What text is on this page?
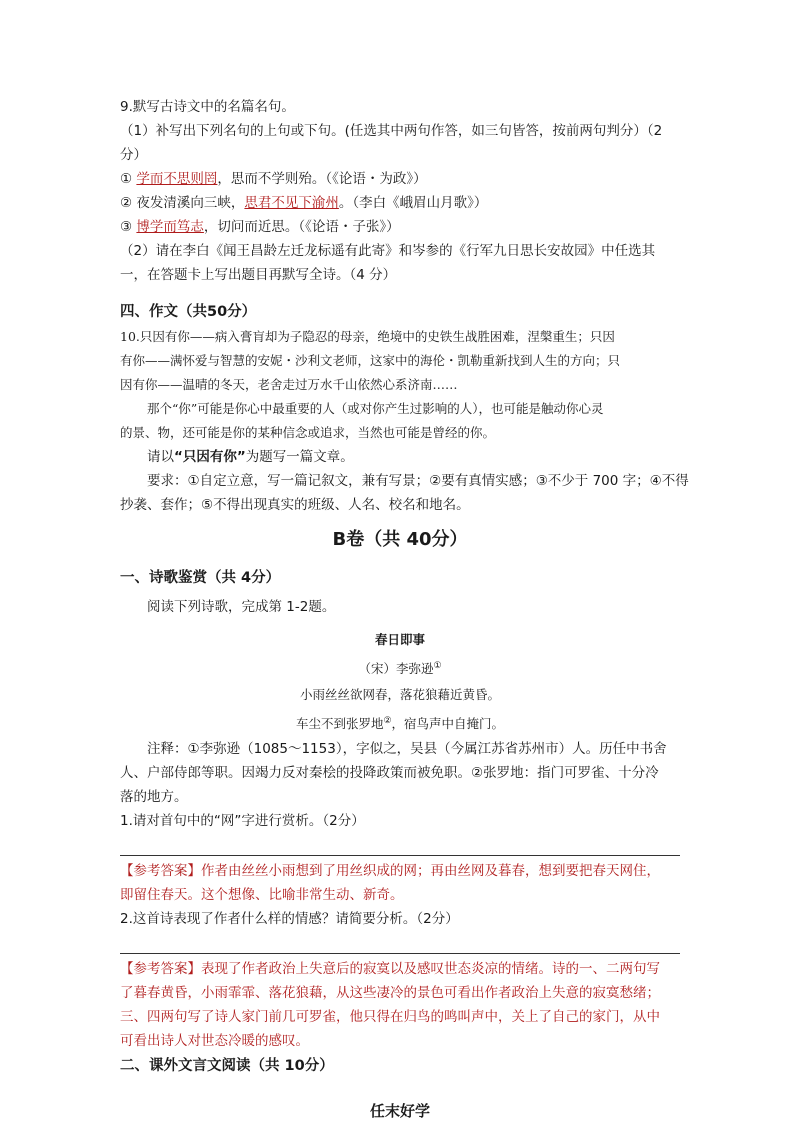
9.默写古诗文中的名篇名句。
（1）补写出下列名句的上句或下句。(任选其中两句作答，如三句皆答，按前两句判分）（2
分）
① 学而不思则罔，思而不学则殆。（《论语・为政》）
② 夜发清溪向三峡，思君不见下渝州。（李白《峨眉山月歌》）
③ 博学而笃志，切问而近思。（《论语・子张》）
（2）请在李白《闻王昌龄左迁龙标遥有此寄》和岑参的《行军九日思长安故园》中任选其
一，在答题卡上写出题目再默写全诗。（4 分）
四、作文（共50分）
10.只因有你——病入膏肓却为子隐忍的母亲，绝境中的史铁生战胜困难，涅槃重生；只因
有你——满怀爱与智慧的安妮・沙利文老师，这家中的海伦・凯勒重新找到人生的方向；只
因有你——温晴的冬天，老舍走过万水千山依然心系济南……
那个“你”可能是你心中最重要的人（或对你产生过影响的人），也可能是触动你心灵
的景、物，还可能是你的某种信念或追求，当然也可能是曾经的你。
请以“只因有你”为题写一篇文章。
要求：①自定立意，写一篇记叙文，兼有写景；②要有真情实感；③不少于 700 字；④不得
抄袭、套作；⑤不得出现真实的班级、人名、校名和地名。
B卷（共 40分）
一、诗歌鉴赏（共 4分）
阅读下列诗歌，完成第 1-2题。
春日即事
（宋）李弥逊①
小雨丝丝欲网春，落花狼藉近黄昏。
车尘不到张罗地②，宿鸟声中自掩门。
注释：①李弥逊（1085～1153），字似之，吴县（今属江苏省苏州市）人。历任中书舍
人、户部侍郎等职。因竭力反对秦桧的投降政策而被免职。②张罗地：指门可罗雀、十分冷
落的地方。
1.请对首句中的“网”字进行赏析。（2分）
【参考答案】作者由丝丝小雨想到了用丝织成的网；再由丝网及暮春，想到要把春天网住，
即留住春天。这个想像、比喻非常生动、新奇。
2.这首诗表现了作者什么样的情感？请简要分析。（2分）
【参考答案】表现了作者政治上失意后的寂寞以及感叹世态炎凉的情绪。诗的一、二两句写
了暮春黄昏，小雨霏霏、落花狼藉，从这些凄冷的景色可看出作者政治上失意的寂寞愁绪；
三、四两句写了诗人家门前几可罗雀，他只得在归鸟的鸣叫声中，关上了自己的家门，从中
可看出诗人对世态冷暖的感叹。
二、课外文言文阅读（共 10分）
任末好学
